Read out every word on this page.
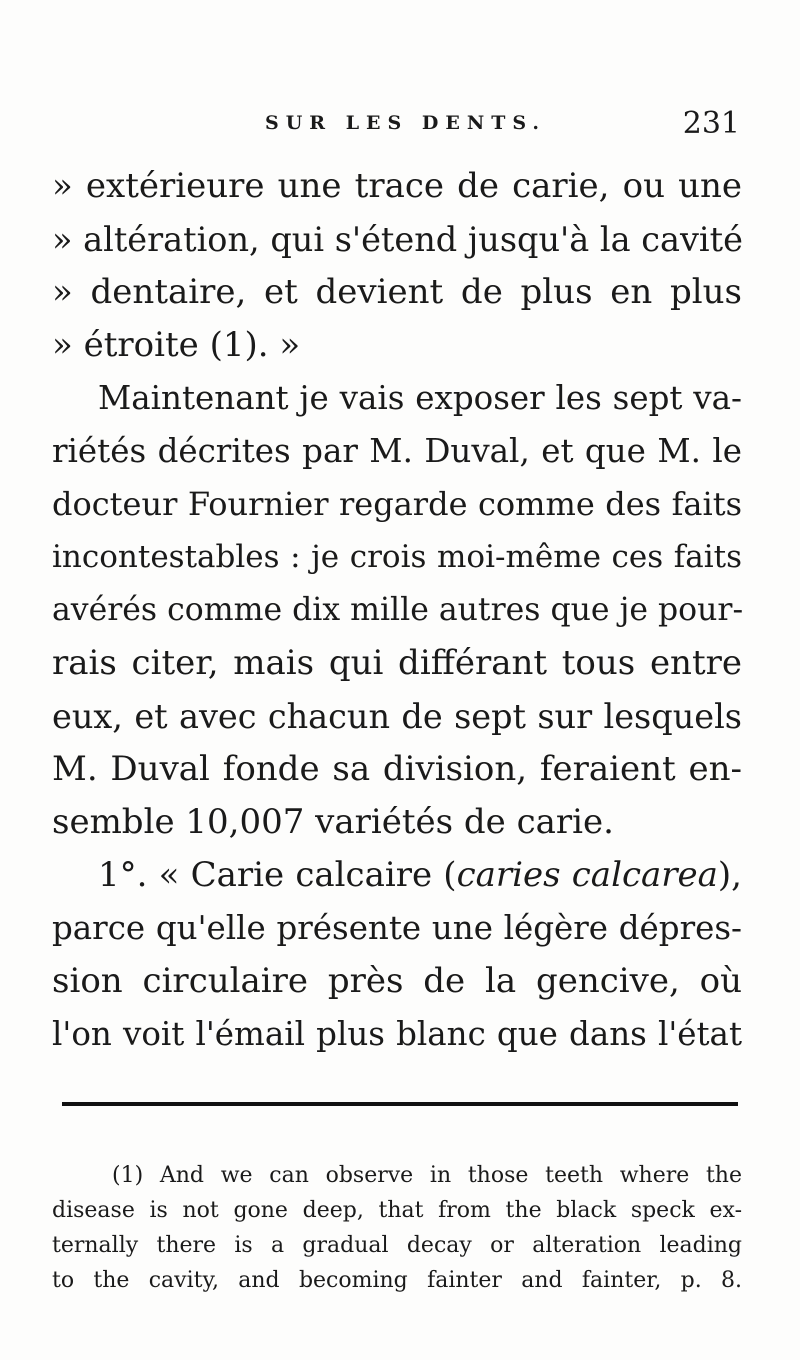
SUR LES DENTS.	231
» extérieure une trace de carie, ou une
» altération, qui s'étend jusqu'à la cavité
» dentaire, et devient de plus en plus
» étroite (1). »
Maintenant je vais exposer les sept va-
riétés décrites par M. Duval, et que M. le
docteur Fournier regarde comme des faits
incontestables : je crois moi-même ces faits
avérés comme dix mille autres que je pour-
rais citer, mais qui différant tous entre
eux, et avec chacun de sept sur lesquels
M. Duval fonde sa division, feraient en-
semble 10,007 variétés de carie.
1°. « Carie calcaire (caries calcarea),
parce qu'elle présente une légère dépres-
sion circulaire près de la gencive, où
l'on voit l'émail plus blanc que dans l'état
(1) And we can observe in those teeth where the
disease is not gone deep, that from the black speck ex-
ternally there is a gradual decay or alteration leading
to the cavity, and becoming fainter and fainter, p. 8.
